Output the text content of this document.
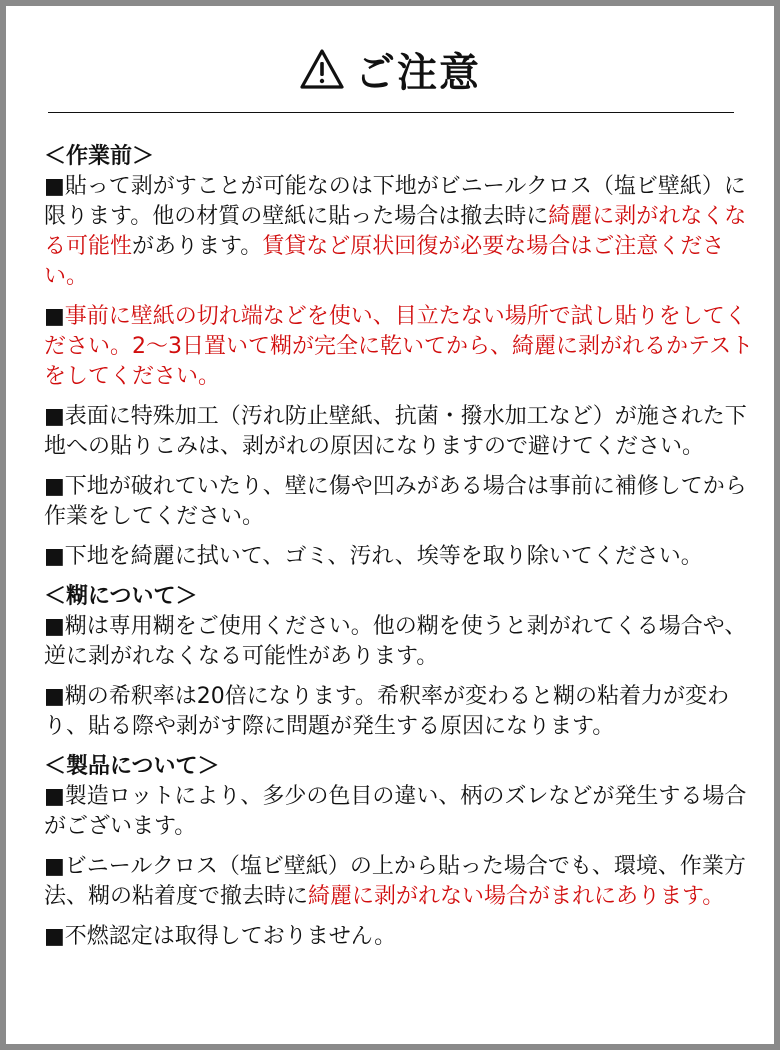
ご注意
＜作業前＞
■貼って剥がすことが可能なのは下地がビニールクロス（塩ビ壁紙）に限ります。他の材質の壁紙に貼った場合は撤去時に綺麗に剥がれなくなる可能性があります。賃貸など原状回復が必要な場合はご注意ください。
■事前に壁紙の切れ端などを使い、目立たない場所で試し貼りをしてください。2〜3日置いて糊が完全に乾いてから、綺麗に剥がれるかテストをしてください。
■表面に特殊加工（汚れ防止壁紙、抗菌・撥水加工など）が施された下地への貼りこみは、剥がれの原因になりますので避けてください。
■下地が破れていたり、壁に傷や凹みがある場合は事前に補修してから作業をしてください。
■下地を綺麗に拭いて、ゴミ、汚れ、埃等を取り除いてください。
＜糊について＞
■糊は専用糊をご使用ください。他の糊を使うと剥がれてくる場合や、逆に剥がれなくなる可能性があります。
■糊の希釈率は20倍になります。希釈率が変わると糊の粘着力が変わり、貼る際や剥がす際に問題が発生する原因になります。
＜製品について＞
■製造ロットにより、多少の色目の違い、柄のズレなどが発生する場合がございます。
■ビニールクロス（塩ビ壁紙）の上から貼った場合でも、環境、作業方法、糊の粘着度で撤去時に綺麗に剥がれない場合がまれにあります。
■不燃認定は取得しておりません。
